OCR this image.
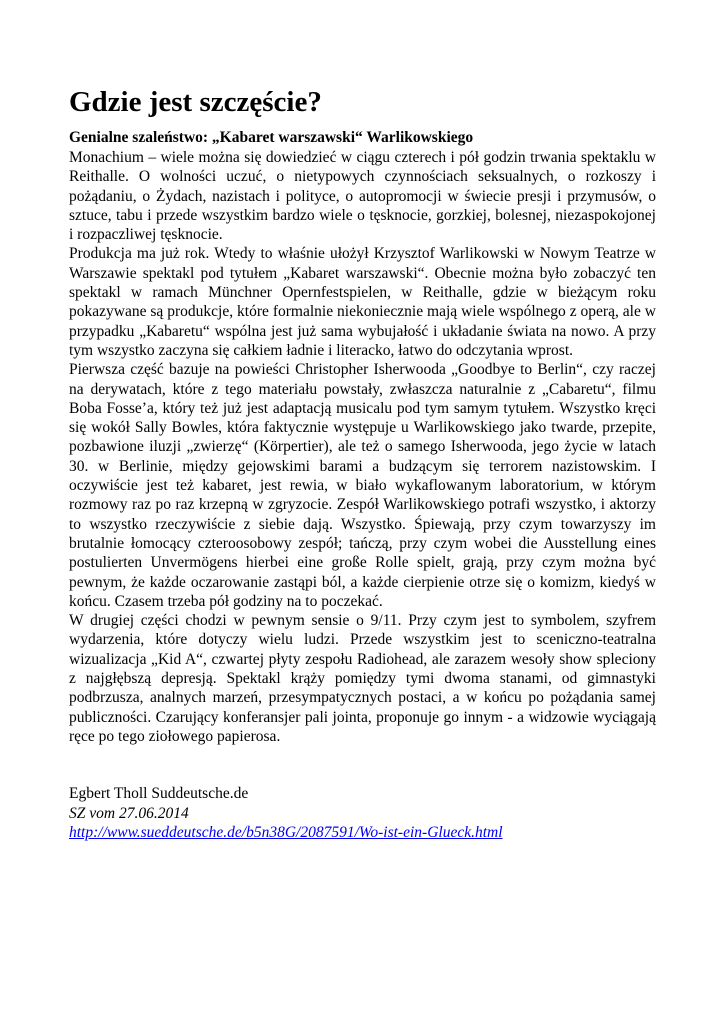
Gdzie jest szczęście?
Genialne szaleństwo: „Kabaret warszawski“ Warlikowskiego

Monachium – wiele można się dowiedzieć w ciągu czterech i pół godzin trwania spektaklu w Reithalle. O wolności uczuć, o nietypowych czynnościach seksualnych, o rozkoszy i pożądaniu, o Żydach, nazistach i polityce, o autopromocji w świecie presji i przymusów, o sztuce, tabu i przede wszystkim bardzo wiele o tęsknocie, gorzkiej, bolesnej, niezaspokojonej i rozpaczliwej tęsknocie.

Produkcja ma już rok. Wtedy to właśnie ułożył Krzysztof Warlikowski w Nowym Teatrze w Warszawie spektakl pod tytułem „Kabaret warszawski“. Obecnie można było zobaczyć ten spektakl w ramach Münchner Opernfestspielen, w Reithalle, gdzie w bieżącym roku pokazywane są produkcje, które formalnie niekoniecznie mają wiele wspólnego z operą, ale w przypadku „Kabaretu“ wspólna jest już sama wybujałość i układanie świata na nowo. A przy tym wszystko zaczyna się całkiem ładnie i literacko, łatwo do odczytania wprost.

Pierwsza część bazuje na powieści Christopher Isherwooda „Goodbye to Berlin“, czy raczej na derywatach, które z tego materiału powstały, zwłaszcza naturalnie z „Cabaretu“, filmu Boba Fosse’a, który też już jest adaptacją musicalu pod tym samym tytułem. Wszystko kręci się wokół Sally Bowles, która faktycznie występuje u Warlikowskiego jako twarde, przepite, pozbawione iluzji „zwierzę“ (Körpertier), ale też o samego Isherwooda, jego życie w latach 30. w Berlinie, między gejowskimi barami a budzącym się terrorem nazistowskim. I oczywiście jest też kabaret, jest rewia, w biało wykaflowanym laboratorium, w którym rozmowy raz po raz krzepną w zgryzocie. Zespół Warlikowskiego potrafi wszystko, i aktorzy to wszystko rzeczywiście z siebie dają. Wszystko. Śpiewają, przy czym towarzyszy im brutalnie łomocący czteroosobowy zespół; tańczą, przy czym wobei die Ausstellung eines postulierten Unvermögens hierbei eine große Rolle spielt, grają, przy czym można być pewnym, że każde oczarowanie zastąpi ból, a każde cierpienie otrze się o komizm, kiedyś w końcu. Czasem trzeba pół godziny na to poczekać.

W drugiej części chodzi w pewnym sensie o 9/11. Przy czym jest to symbolem, szyfrem wydarzenia, które dotyczy wielu ludzi. Przede wszystkim jest to sceniczno-teatralna wizualizacja „Kid A“, czwartej płyty zespołu Radiohead, ale zarazem wesoły show spleciony z najgłębszą depresją. Spektakl krąży pomiędzy tymi dwoma stanami, od gimnastyki podbrzusza, analnych marzeń, przesympatycznych postaci, a w końcu po pożądania samej publiczności. Czarujący konferansjer pali jointa, proponuje go innym - a widzowie wyciągają ręce po tego ziołowego papierosa.

Egbert Tholl Suddeutsche.de
SZ vom 27.06.2014
http://www.sueddeutsche.de/b5n38G/2087591/Wo-ist-ein-Glueck.html
